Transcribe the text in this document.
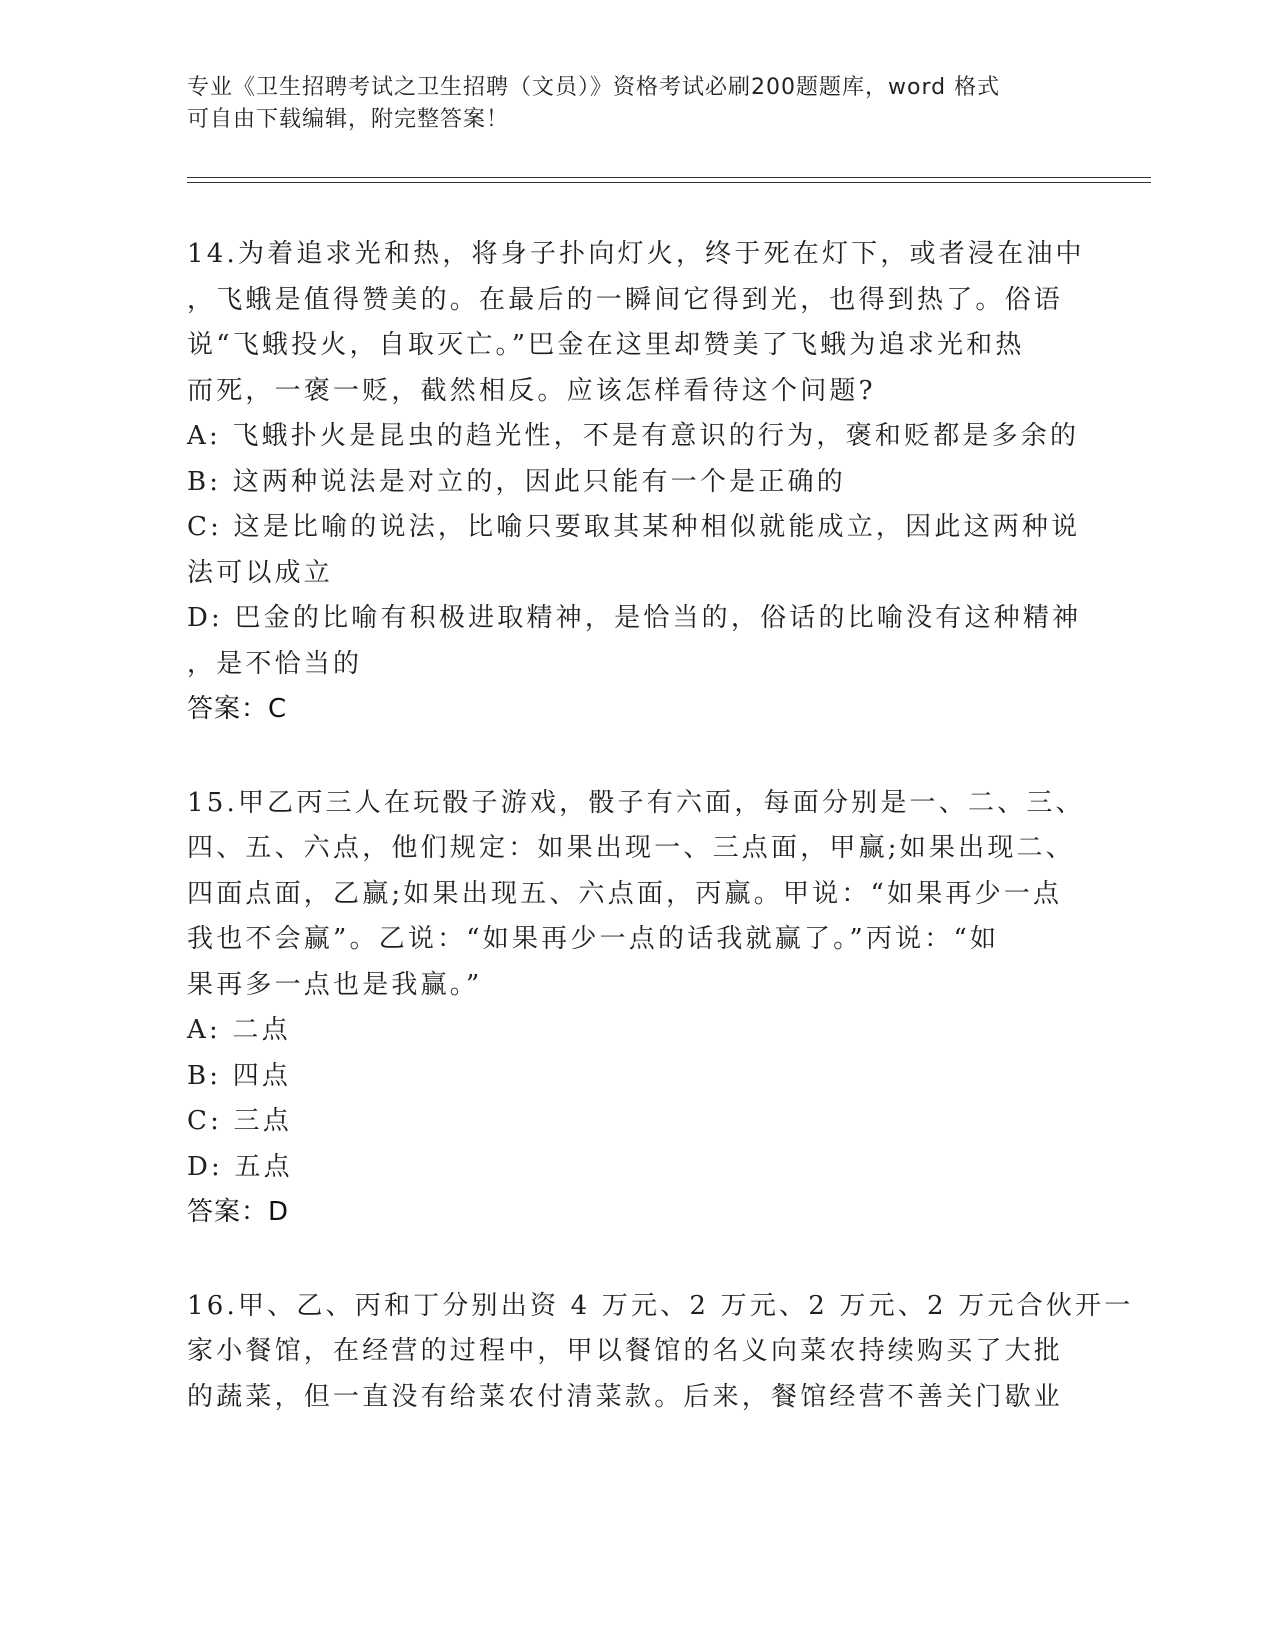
专业《卫生招聘考试之卫生招聘（文员）》资格考试必刷200题题库，word 格式
可自由下载编辑，附完整答案！
14.为着追求光和热，将身子扑向灯火，终于死在灯下，或者浸在油中
，飞蛾是值得赞美的。在最后的一瞬间它得到光，也得到热了。俗语
说“飞蛾投火，自取灭亡。”巴金在这里却赞美了飞蛾为追求光和热
而死，一褒一贬，截然相反。应该怎样看待这个问题?
A: 飞蛾扑火是昆虫的趋光性，不是有意识的行为，褒和贬都是多余的
B: 这两种说法是对立的，因此只能有一个是正确的
C: 这是比喻的说法，比喻只要取其某种相似就能成立，因此这两种说
法可以成立
D: 巴金的比喻有积极进取精神，是恰当的，俗话的比喻没有这种精神
，是不恰当的
答案：C
15.甲乙丙三人在玩骰子游戏，骰子有六面，每面分别是一、二、三、
四、五、六点，他们规定：如果出现一、三点面，甲赢;如果出现二、
四面点面，乙赢;如果出现五、六点面，丙赢。甲说：“如果再少一点
我也不会赢”。乙说：“如果再少一点的话我就赢了。”丙说：“如
果再多一点也是我赢。”
A: 二点
B: 四点
C: 三点
D: 五点
答案：D
16.甲、乙、丙和丁分别出资 4 万元、2 万元、2 万元、2 万元合伙开一
家小餐馆，在经营的过程中，甲以餐馆的名义向菜农持续购买了大批
的蔬菜，但一直没有给菜农付清菜款。后来，餐馆经营不善关门歇业
